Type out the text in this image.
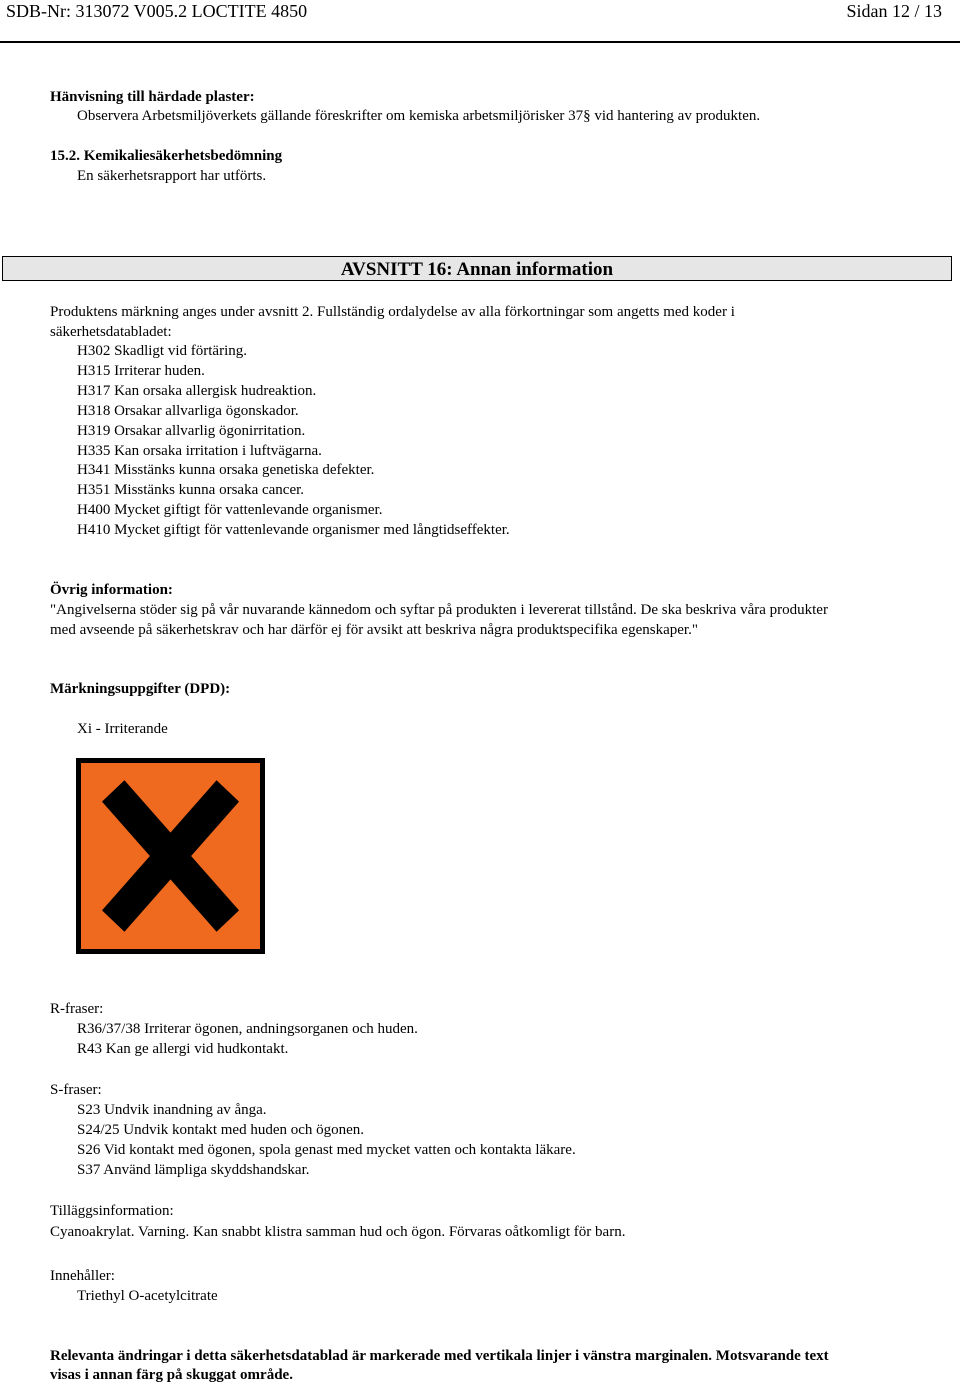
SDB-Nr: 313072 V005.2 LOCTITE 4850	Sidan 12 / 13
Hänvisning till härdade plaster:
Observera Arbetsmiljöverkets gällande föreskrifter om kemiska arbetsmiljörisker 37§ vid hantering av produkten.
15.2. Kemikaliesäkerhetsbedömning
En säkerhetsrapport har utförts.
AVSNITT 16: Annan information
Produktens märkning anges under avsnitt 2. Fullständig ordalydelse av alla förkortningar som angetts med koder i
säkerhetsdatabladet:
H302 Skadligt vid förtäring.
H315 Irriterar huden.
H317 Kan orsaka allergisk hudreaktion.
H318 Orsakar allvarliga ögonskador.
H319 Orsakar allvarlig ögonirritation.
H335 Kan orsaka irritation i luftvägarna.
H341 Misstänks kunna orsaka genetiska defekter.
H351 Misstänks kunna orsaka cancer.
H400 Mycket giftigt för vattenlevande organismer.
H410 Mycket giftigt för vattenlevande organismer med långtidseffekter.
Övrig information:
"Angivelserna stöder sig på vår nuvarande kännedom och syftar på produkten i levererat tillstånd. De ska beskriva våra produkter
med avseende på säkerhetskrav och har därför ej för avsikt att beskriva några produktspecifika egenskaper."
Märkningsuppgifter (DPD):
Xi - Irriterande
R-fraser:
R36/37/38 Irriterar ögonen, andningsorganen och huden.
R43 Kan ge allergi vid hudkontakt.
S-fraser:
S23 Undvik inandning av ånga.
S24/25 Undvik kontakt med huden och ögonen.
S26 Vid kontakt med ögonen, spola genast med mycket vatten och kontakta läkare.
S37 Använd lämpliga skyddshandskar.
Tilläggsinformation:
Cyanoakrylat. Varning. Kan snabbt klistra samman hud och ögon. Förvaras oåtkomligt för barn.
Innehåller:
Triethyl O-acetylcitrate
Relevanta ändringar i detta säkerhetsdatablad är markerade med vertikala linjer i vänstra marginalen. Motsvarande text
visas i annan färg på skuggat område.
